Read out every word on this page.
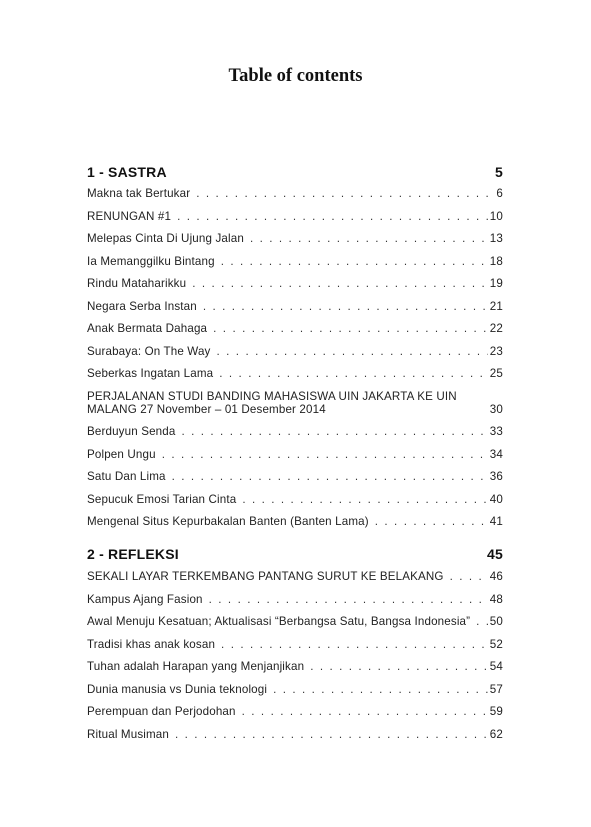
Table of contents
1 - SASTRA	5
Makna tak Bertukar . . .	6
RENUNGAN #1 . . .	10
Melepas Cinta Di Ujung Jalan . . .	13
Ia Memanggilku Bintang . . .	18
Rindu Mataharikku . . .	19
Negara Serba Instan . . .	21
Anak Bermata Dahaga . . .	22
Surabaya: On The Way . . .	23
Seberkas Ingatan Lama . . .	25
PERJALANAN STUDI BANDING MAHASISWA UIN JAKARTA KE UIN MALANG 27 November – 01 Desember 2014	30
Berduyun Senda . . .	33
Polpen Ungu . . .	34
Satu Dan Lima . . .	36
Sepucuk Emosi Tarian Cinta . . .	40
Mengenal Situs Kepurbakalan Banten (Banten Lama) . . .	41
2 - REFLEKSI	45
SEKALI LAYAR TERKEMBANG PANTANG SURUT KE BELAKANG . . .	46
Kampus Ajang Fasion . . .	48
Awal Menuju Kesatuan; Aktualisasi “Berbangsa Satu, Bangsa Indonesia” . . . 50
Tradisi khas anak kosan . . .	52
Tuhan adalah Harapan yang Menjanjikan . . .	54
Dunia manusia vs Dunia teknologi . . .	57
Perempuan dan Perjodohan . . .	59
Ritual Musiman . . .	62
